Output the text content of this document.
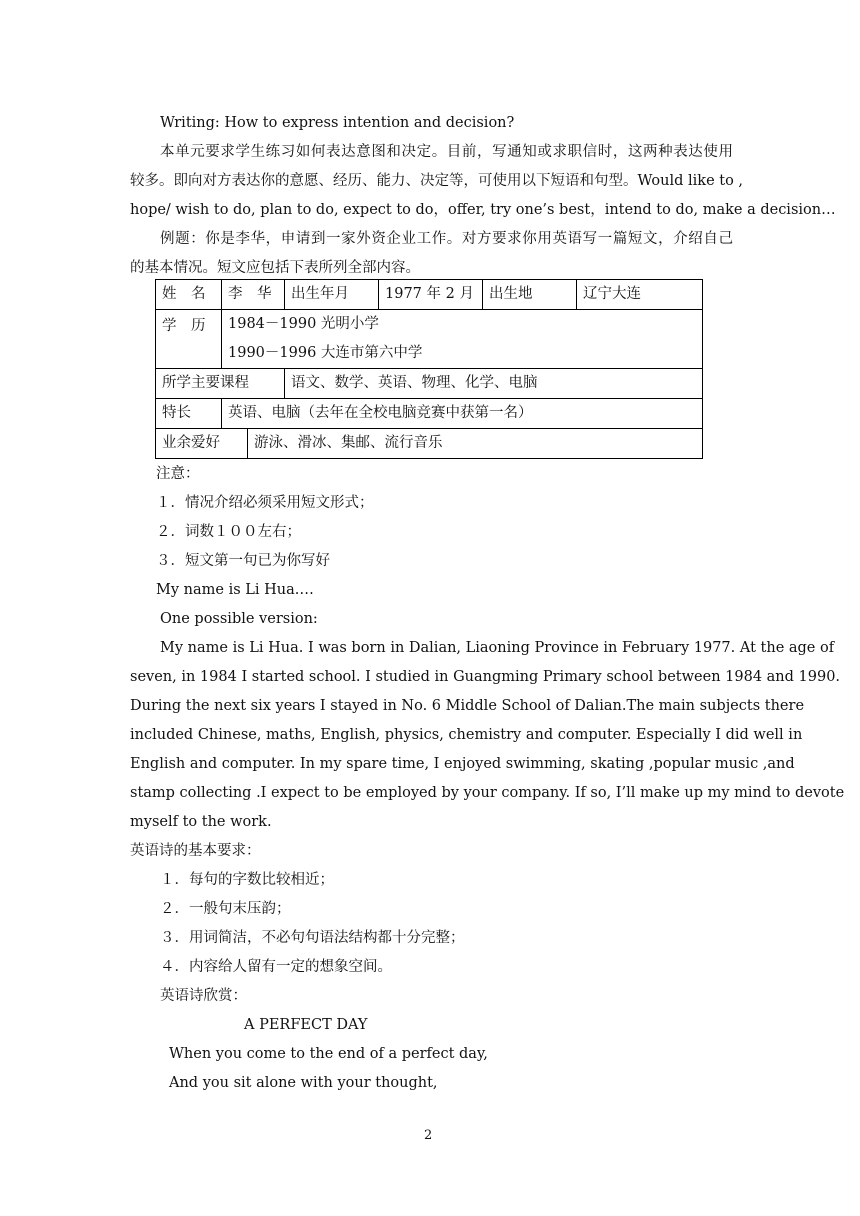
Writing: How to express intention and decision?
本单元要求学生练习如何表达意图和决定。目前，写通知或求职信时，这两种表达使用
较多。即向对方表达你的意愿、经历、能力、决定等，可使用以下短语和句型。Would like to ,
hope/ wish to do, plan to do, expect to do，offer, try one’s best，intend to do, make a decision…
例题：你是李华，申请到一家外资企业工作。对方要求你用英语写一篇短文，介绍自己
的基本情况。短文应包括下表所列全部内容。
姓　名	李　华		出生年月	1977 年 2 月	出生地	辽宁大连
学　历	1984－1990 光明小学
1990－1996 大连市第六中学					

所学主要课程			语文、数学、英语、物理、化学、电脑			
特长	英语、电脑（去年在全校电脑竞赛中获第一名）					
业余爱好		游泳、滑冰、集邮、流行音乐				
注意：
１．情况介绍必须采用短文形式；
２．词数１００左右；
３．短文第一句已为你写好
My name is Li Hua.…
One possible version:
My name is Li Hua. I was born in Dalian, Liaoning Province in February 1977. At the age of
seven, in 1984 I started school. I studied in Guangming Primary school between 1984 and 1990.
During the next six years I stayed in No. 6 Middle School of Dalian.The main subjects there
included Chinese, maths, English, physics, chemistry and computer. Especially I did well in
English and computer. In my spare time, I enjoyed swimming, skating ,popular music ,and
stamp collecting .I expect to be employed by your company. If so, I’ll make up my mind to devote
myself to the work.
英语诗的基本要求：
１．每句的字数比较相近；
２．一般句末压韵；
３．用词简洁，不必句句语法结构都十分完整；
４．内容给人留有一定的想象空间。
英语诗欣赏：
A PERFECT DAY
When you come to the end of a perfect day,
And you sit alone with your thought,
2
